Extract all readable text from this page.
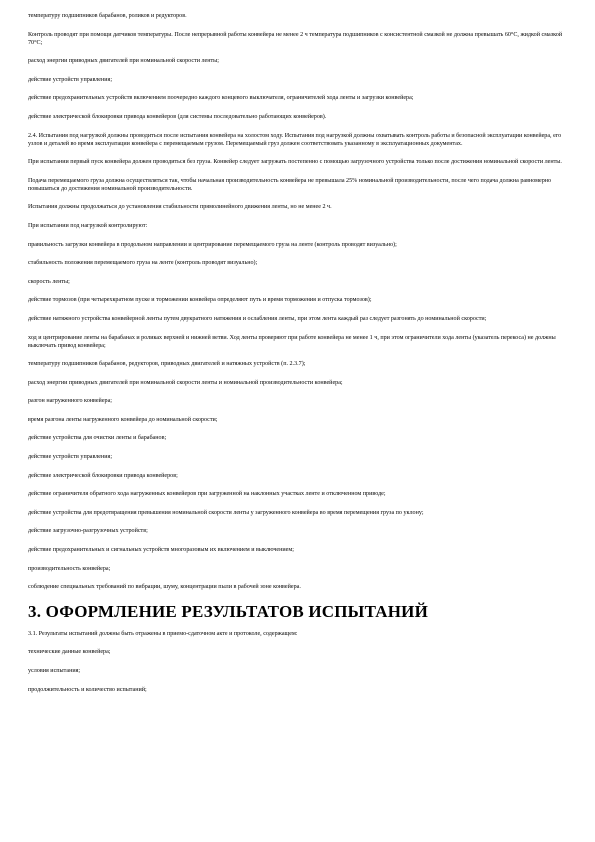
температуру подшипников барабанов, роликов и редукторов.

Контроль проводят при помощи датчиков температуры. После непрерывной работы конвейера не менее 2 ч температура подшипников с консистентной смазкой не должна превышать 60°С, жидкой смазкой 70°С;

расход энергии приводных двигателей при номинальной скорости ленты;

действие устройств управления;

действие предохранительных устройств включением поочередно каждого концевого выключателя, ограничителей хода ленты и загрузки конвейера;

действие электрической блокировки привода конвейеров (для системы последовательно работающих конвейеров).

2.4. Испытания под нагрузкой должны проводиться после испытания конвейера на холостом ходу. Испытания под нагрузкой должны охватывать контроль работы и безопасной эксплуатации конвейера, его узлов и деталей во время эксплуатации конвейера с перемещаемым грузом. Перемещаемый груз должен соответствовать указанному в эксплуатационных документах.

При испытании первый пуск конвейера должен проводиться без груза. Конвейер следует загружать постепенно с помощью загрузочного устройства только после достижения номинальной скорости ленты.

Подача перемещаемого груза должна осуществляться так, чтобы начальная производительность конвейера не превышала 25% номинальной производительности, после чего подача должна равномерно повышаться до достижения номинальной производительности.

Испытания должны продолжаться до установления стабильности прямолинейного движения ленты, но не менее 2 ч.

При испытании под нагрузкой контролируют:

правильность загрузки конвейера в продольном направлении и центрирование перемещаемого груза на ленте (контроль проводят визуально);

стабильность положения перемещаемого груза на ленте (контроль проводят визуально);

скорость ленты;

действие тормозов (при четырехкратном пуске и торможении конвейера определяют путь и время торможения и отпуска тормозов);

действие натяжного устройства конвейерной ленты путем двукратного натяжения и ослабления ленты, при этом лента каждый раз следует разгонять до номинальной скорости;

ход и центрирование ленты на барабанах и роликах верхней и нижней ветви. Ход ленты проверяют при работе конвейера не менее 1 ч, при этом ограничители хода ленты (указатель перекоса) не должны выключать привод конвейера;

температуру подшипников барабанов, редукторов, приводных двигателей и натяжных устройств (п. 2.3.7);

расход энергии приводных двигателей при номинальной скорости ленты и номинальной производительности конвейера;

разгон нагруженного конвейера;

время разгона ленты нагруженного конвейера до номинальной скорости;

действие устройства для очистки ленты и барабанов;

действие устройств управления;

действие электрической блокировки привода конвейеров;

действие ограничителя обратного хода нагруженных конвейеров при загруженной на наклонных участках ленте и отключенном приводе;

действие устройства для предотвращения превышения номинальной скорости ленты у загруженного конвейера во время перемещения груза по уклону;

действие загрузочно-разгрузочных устройств;

действие предохранительных и сигнальных устройств многоразовым их включением и выключением;

производительность конвейера;

соблюдение специальных требований по вибрации, шуму, концентрации пыли в рабочей зоне конвейера.

3. ОФОРМЛЕНИЕ РЕЗУЛЬТАТОВ ИСПЫТАНИЙ

3.1. Результаты испытаний должны быть отражены в приемо-сдаточном акте и протоколе, содержащем:

технические данные конвейера;

условия испытания;

продолжительность и количество испытаний;
